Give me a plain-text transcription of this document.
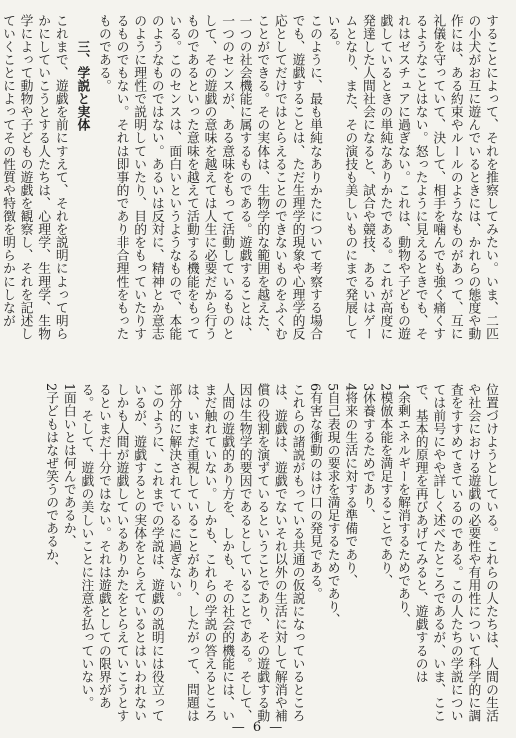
することによって、それを推察してみたい。いま、二匹の小犬がお互に遊んでいるときには、かれらの態度や動作には、ある約束やルールのようなものがあって、互に礼儀を守っていて、決して、相手を噛んでも強く痛くするようなことはない。怒ったように見えるときでも、それはゼスチュアに過ぎない。これは、動物や子どもの遊戯しているときの単純なありかたである。これが高度に発達した人間社会になると、試合や競技、あるいはゲームとなり、また、その演技も美しいものにまで発展している。

このように、最も単純なありかたについて考察する場合でも、遊戯することは、ただ生理学的現象や心理学的反応としてだけではとらえることのできないものをふくむことができる。その実体は、生物学的な範囲を越えた、一つの社会機能に属するものである。遊戯することは、一つのセンスが、ある意味をもって活動しているものとして、その遊戯の意味を越えては人生に必要だから行うものであるといった意味を越えて活動する機能をもっている。このセンスは、面白いというようなもので、本能のようなものではない。あるいは反対に、精神とか意志のように理性で説明していたり、目的をもっていたりするものでもない。それは即事的であり非合理性をもったものである。

三、学説と実体

これまで、遊戯を前にすえて、それを説明によって明らかにしていこうとする人たちは、心理学、生理学、生物学によって動物や子どもの遊戯を観察し、それを記述していくことによってその性質や特徴を明らかにしなが

位置づけようとしている。これらの人たちは、人間の生活や社会における遊戯の必要性や有用性について科学的に調査をすすめてきているのである。この人たちの学説については前号にやや詳しく述べたところであるが、いま、ここで、基本的原理を再びあげてみると、遊戯するのは

1余剰エネルギーを解消するためであり、

2模倣本能を満足することであり、

3休養するためであり、

4将来の生活に対する準備であり、

5自己表現の要求を満足するためであり、

6有害な衝動のはけ口の発見である。

これらの諸説がもっている共通の仮説になっているところは、遊戯は、遊戯でないそれ以外の生活に対して解消や補償の役割を演ずているということであり、その遊戯する動因は生物学的要因であるとしていることである。そして、人間の遊戯的あり方を、しかも、その社会的機能には、いまだ触れていない。しかも、これらの学説の答えるところは、いまだ重視していることがあり、したがって、問題は部分的に解決されているに過ぎない。

このように、これまでの学説は、遊戯の説明には役立っているが、遊戯するとの実体をとらえているとはいわれないしかも人間が遊戯しているありかたをとらえていこうとするといまだ十分ではない。それは遊戯としての限界がある。そして、遊戯の美しいことに注意を払っていない。

1面白いとは何んであるか、

2子どもはなぜ笑うのであるか、

— 6 —
